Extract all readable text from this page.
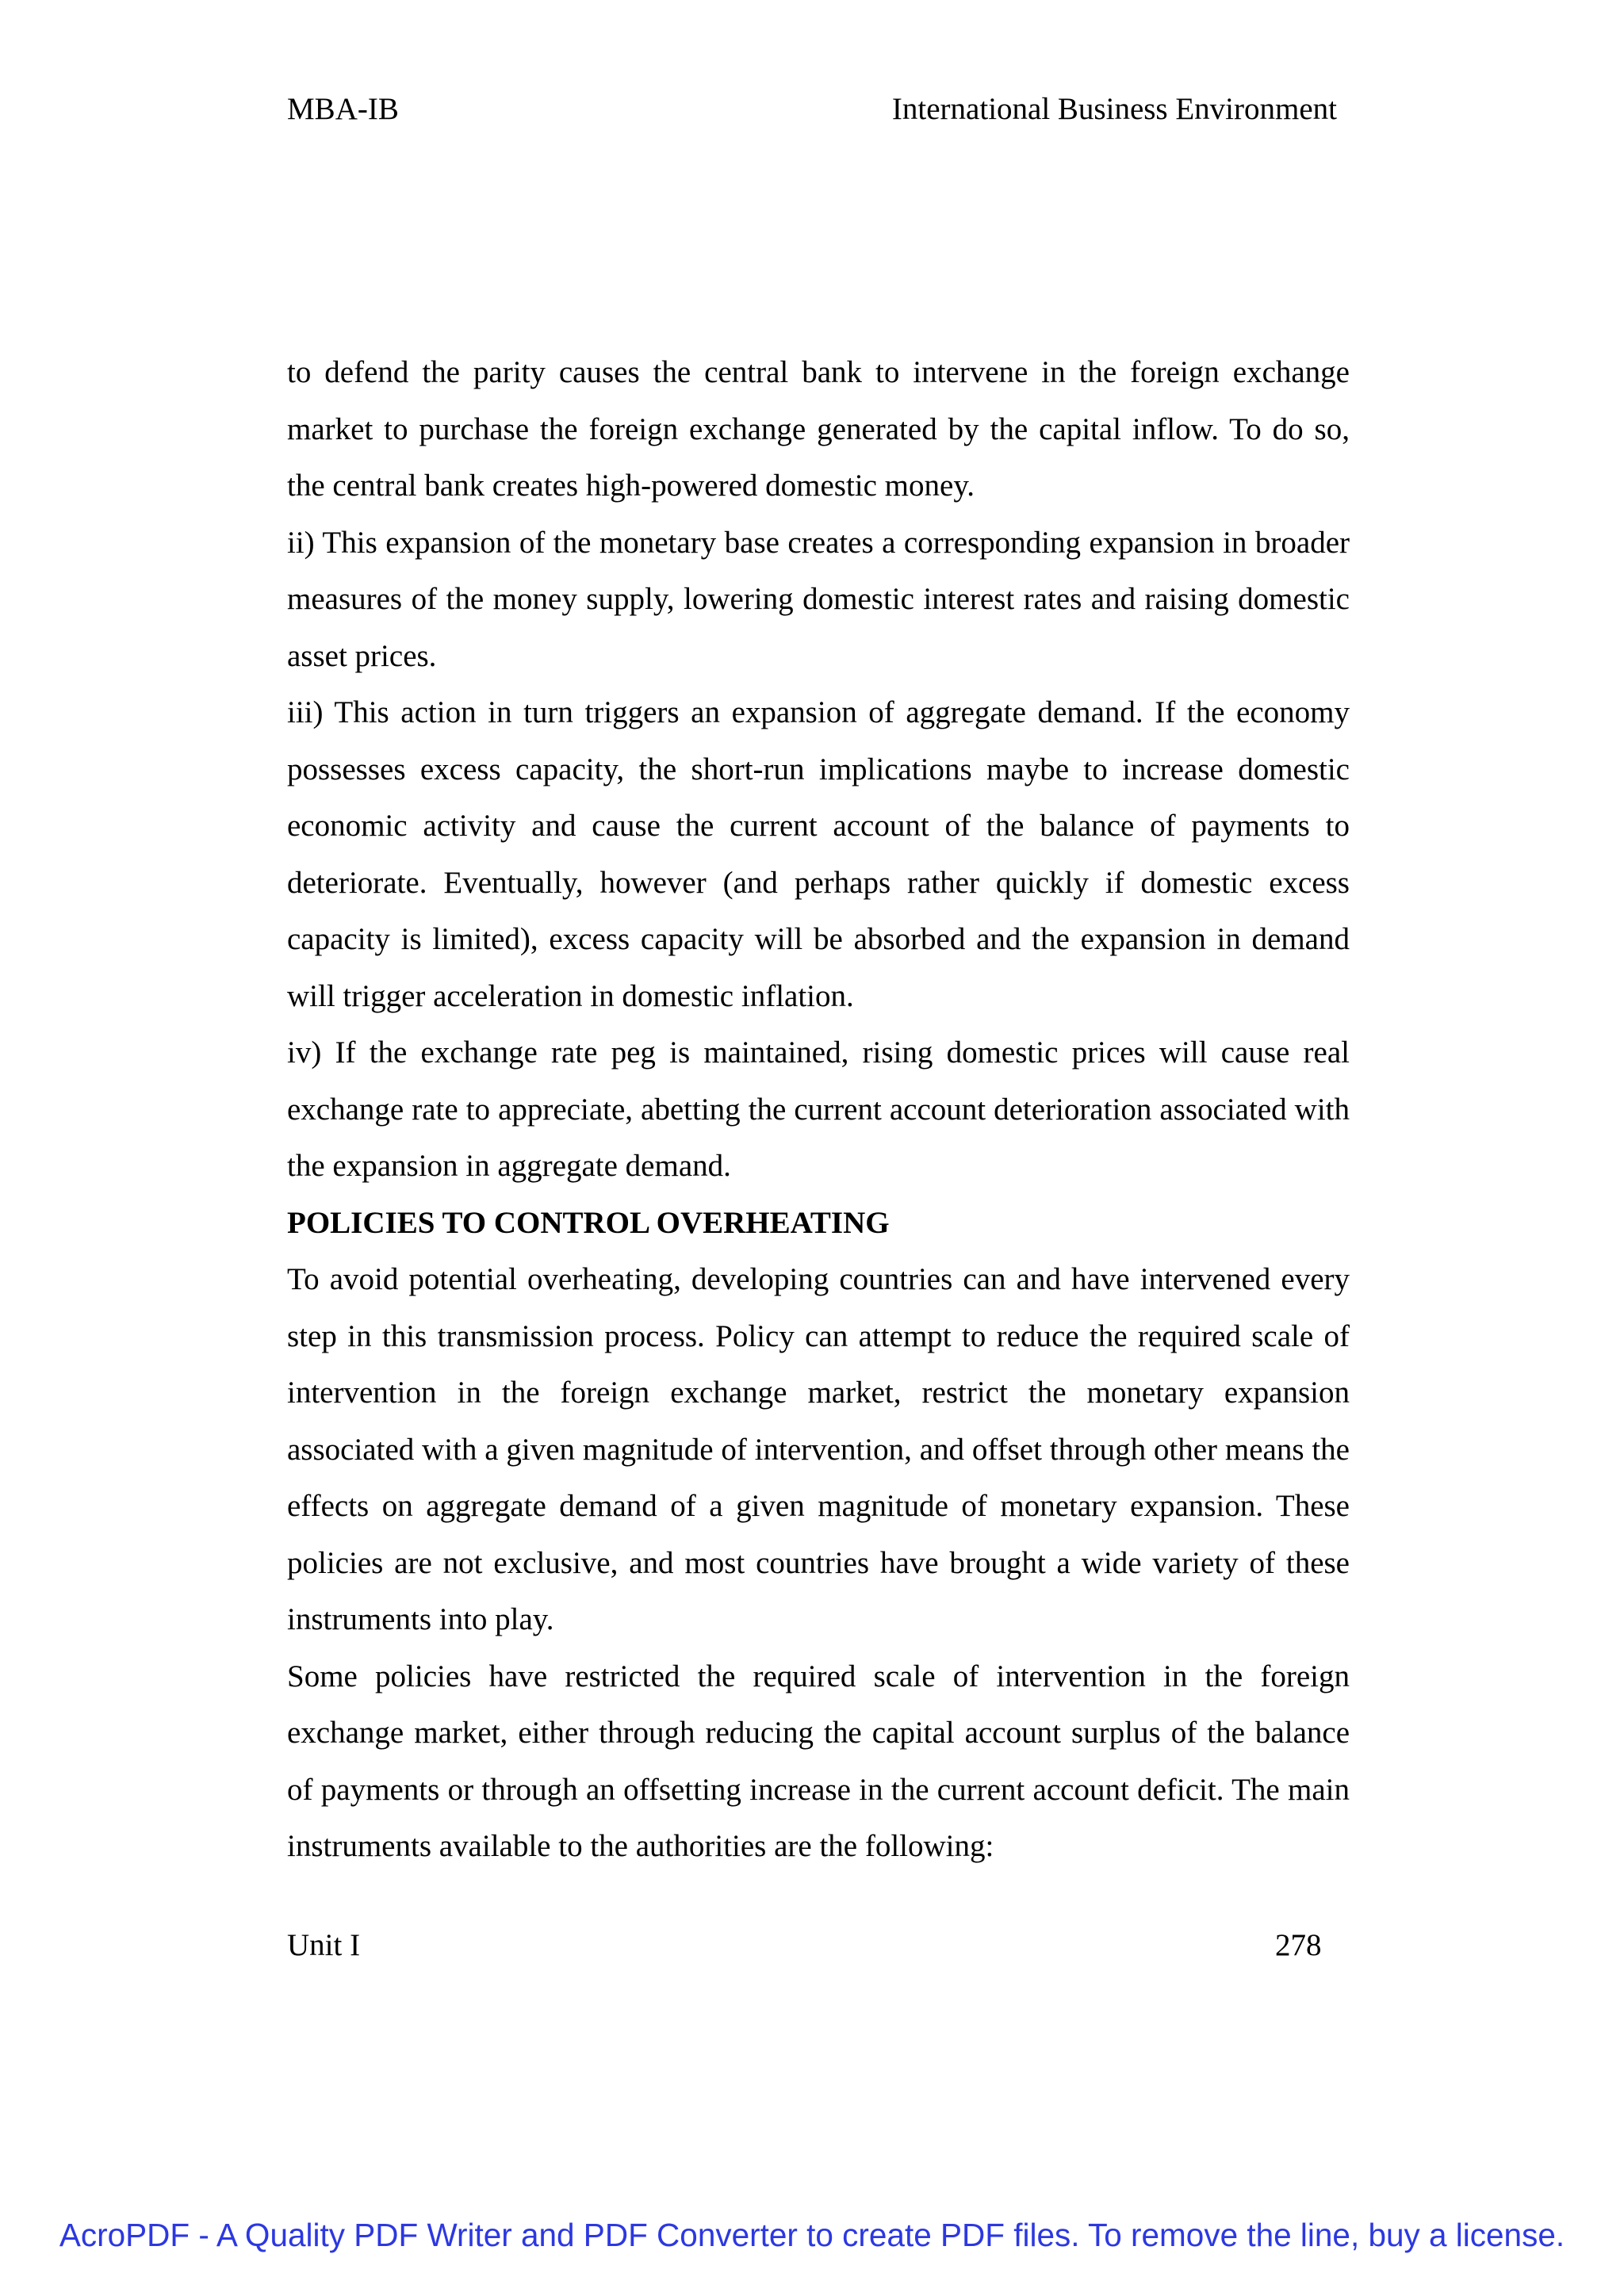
MBA-IB	International Business Environment

to defend the parity causes the central bank to intervene in the foreign exchange market to purchase the foreign exchange generated by the capital inflow. To do so, the central bank creates high-powered domestic money.

ii) This expansion of the monetary base creates a corresponding expansion in broader measures of the money supply, lowering domestic interest rates and raising domestic asset prices.

iii) This action in turn triggers an expansion of aggregate demand. If the economy possesses excess capacity, the short-run implications maybe to increase domestic economic activity and cause the current account of the balance of payments to deteriorate. Eventually, however (and perhaps rather quickly if domestic excess capacity is limited), excess capacity will be absorbed and the expansion in demand will trigger acceleration in domestic inflation.

iv) If the exchange rate peg is maintained, rising domestic prices will cause real exchange rate to appreciate, abetting the current account deterioration associated with the expansion in aggregate demand.

POLICIES TO CONTROL OVERHEATING

To avoid potential overheating, developing countries can and have intervened every step in this transmission process. Policy can attempt to reduce the required scale of intervention in the foreign exchange market, restrict the monetary expansion associated with a given magnitude of intervention, and offset through other means the effects on aggregate demand of a given magnitude of monetary expansion. These policies are not exclusive, and most countries have brought a wide variety of these instruments into play.

Some policies have restricted the required scale of intervention in the foreign exchange market, either through reducing the capital account surplus of the balance of payments or through an offsetting increase in the current account deficit. The main instruments available to the authorities are the following:

Unit I	278
AcroPDF - A Quality PDF Writer and PDF Converter to create PDF files. To remove the line, buy a license.
